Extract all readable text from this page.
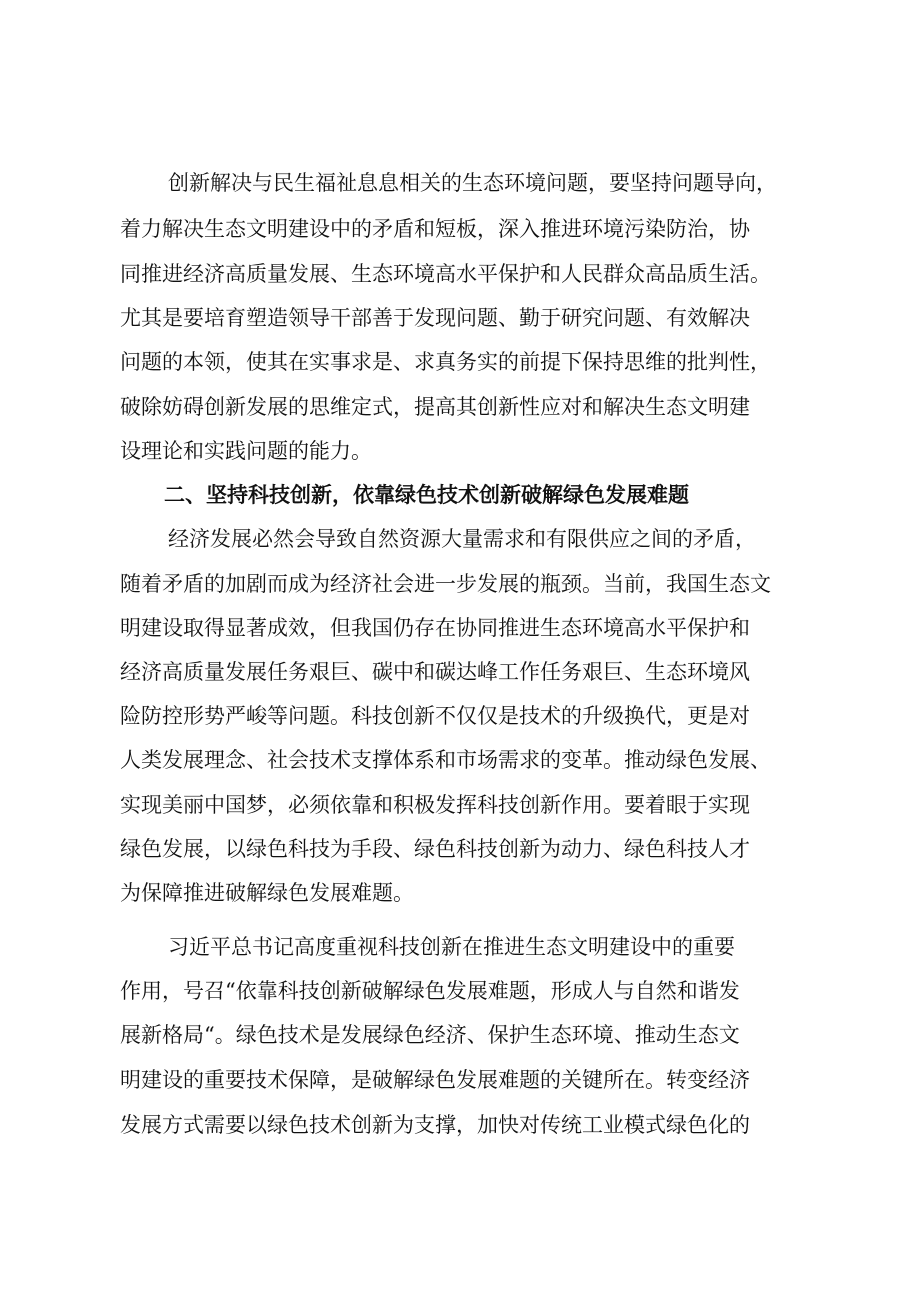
创新解决与民生福祉息息相关的生态环境问题，要坚持问题导向，
着力解决生态文明建设中的矛盾和短板，深入推进环境污染防治，协
同推进经济高质量发展、生态环境高水平保护和人民群众高品质生活。
尤其是要培育塑造领导干部善于发现问题、勤于研究问题、有效解决
问题的本领，使其在实事求是、求真务实的前提下保持思维的批判性，
破除妨碍创新发展的思维定式，提高其创新性应对和解决生态文明建
设理论和实践问题的能力。
二、坚持科技创新，依靠绿色技术创新破解绿色发展难题
经济发展必然会导致自然资源大量需求和有限供应之间的矛盾，
随着矛盾的加剧而成为经济社会进一步发展的瓶颈。当前，我国生态文
明建设取得显著成效，但我国仍存在协同推进生态环境高水平保护和
经济高质量发展任务艰巨、碳中和碳达峰工作任务艰巨、生态环境风
险防控形势严峻等问题。科技创新不仅仅是技术的升级换代，更是对
人类发展理念、社会技术支撑体系和市场需求的变革。推动绿色发展、
实现美丽中国梦，必须依靠和积极发挥科技创新作用。要着眼于实现
绿色发展，以绿色科技为手段、绿色科技创新为动力、绿色科技人才
为保障推进破解绿色发展难题。
习近平总书记高度重视科技创新在推进生态文明建设中的重要
作用，号召“依靠科技创新破解绿色发展难题，形成人与自然和谐发
展新格局“。绿色技术是发展绿色经济、保护生态环境、推动生态文
明建设的重要技术保障，是破解绿色发展难题的关键所在。转变经济
发展方式需要以绿色技术创新为支撑，加快对传统工业模式绿色化的
